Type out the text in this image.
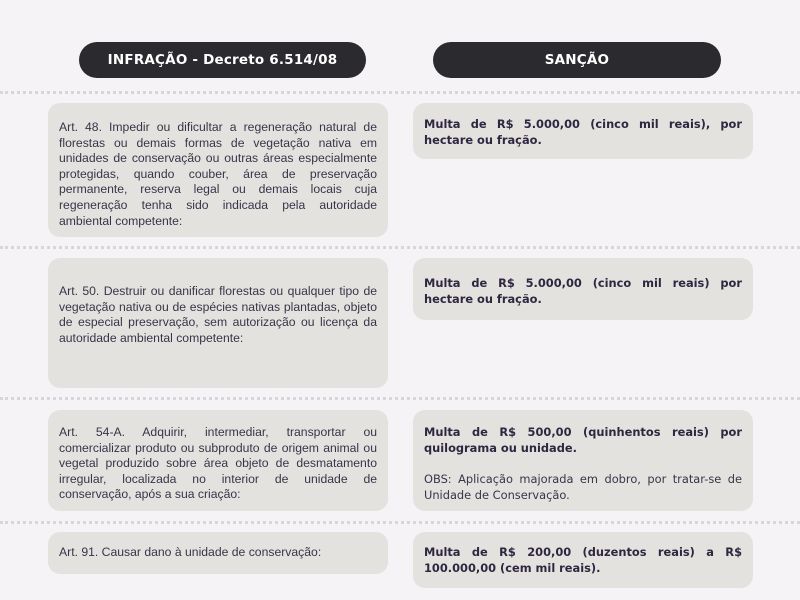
INFRAÇÃO - Decreto 6.514/08	SANÇÃO
Art. 48. Impedir ou dificultar a regeneração natural de florestas ou demais formas de vegetação nativa em unidades de conservação ou outras áreas especialmente protegidas, quando couber, área de preservação permanente, reserva legal ou demais locais cuja regeneração tenha sido indicada pela autoridade ambiental competente:
Multa de R$ 5.000,00 (cinco mil reais), por hectare ou fração.
Art. 50. Destruir ou danificar florestas ou qualquer tipo de vegetação nativa ou de espécies nativas plantadas, objeto de especial preservação, sem autorização ou licença da autoridade ambiental competente:
Multa de R$ 5.000,00 (cinco mil reais) por hectare ou fração.
Art. 54-A. Adquirir, intermediar, transportar ou comercializar produto ou subproduto de origem animal ou vegetal produzido sobre área objeto de desmatamento irregular, localizada no interior de unidade de conservação, após a sua criação:
Multa de R$ 500,00 (quinhentos reais) por quilograma ou unidade.
OBS: Aplicação majorada em dobro, por tratar-se de Unidade de Conservação.
Art. 91. Causar dano à unidade de conservação:	Multa de R$ 200,00 (duzentos reais) a R$ 100.000,00 (cem mil reais).
